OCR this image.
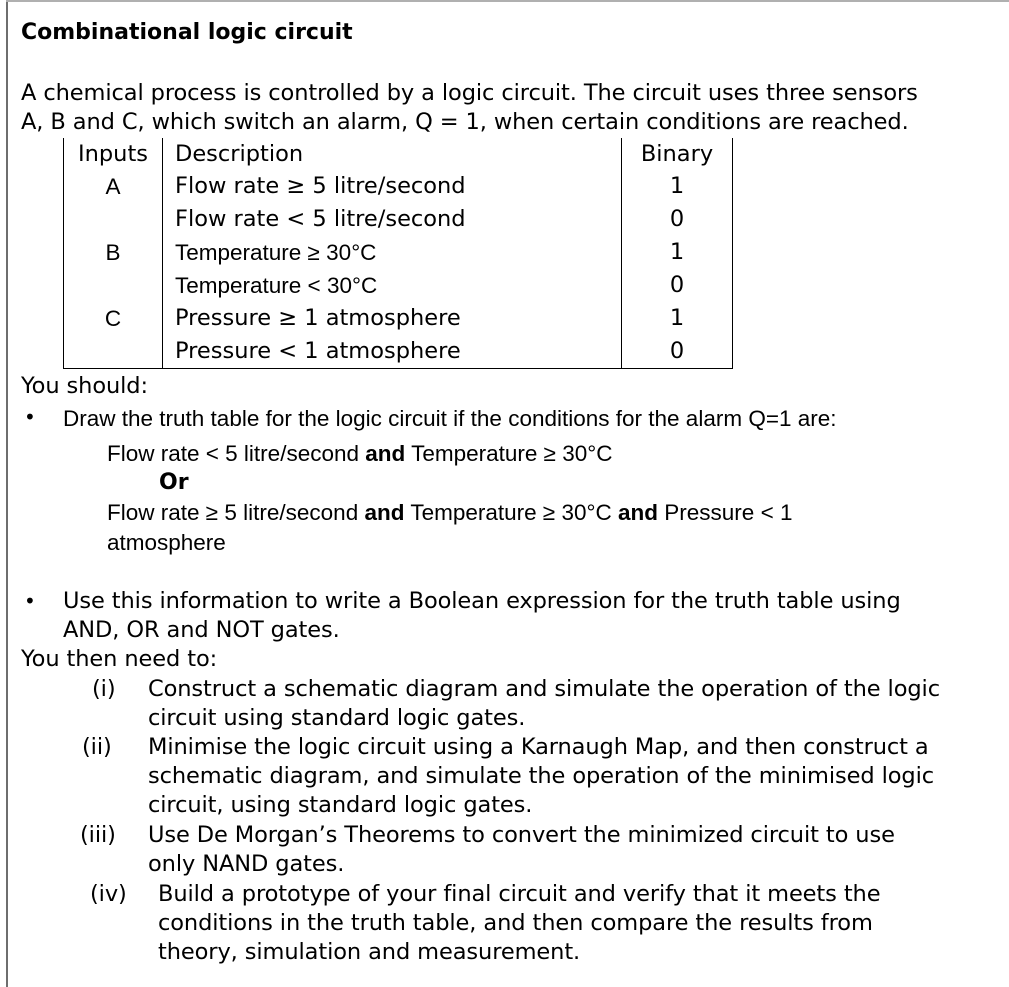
Combinational logic circuit
A chemical process is controlled by a logic circuit. The circuit uses three sensors
A, B and C, which switch an alarm, Q = 1, when certain conditions are reached.
Inputs	Description	Binary
A	Flow rate ≥ 5 litre/second	1
	Flow rate < 5 litre/second	0
B	Temperature ≥ 30°C	1
	Temperature < 30°C	0
C	Pressure ≥ 1 atmosphere	1
	Pressure < 1 atmosphere	0
You should:
• Draw the truth table for the logic circuit if the conditions for the alarm Q=1 are:
Flow rate < 5 litre/second and Temperature ≥ 30°C
Or
Flow rate ≥ 5 litre/second and Temperature ≥ 30°C and Pressure < 1
atmosphere
• Use this information to write a Boolean expression for the truth table using
AND, OR and NOT gates.
You then need to:
(i) Construct a schematic diagram and simulate the operation of the logic
circuit using standard logic gates.
(ii) Minimise the logic circuit using a Karnaugh Map, and then construct a
schematic diagram, and simulate the operation of the minimised logic
circuit, using standard logic gates.
(iii) Use De Morgan’s Theorems to convert the minimized circuit to use
only NAND gates.
(iv) Build a prototype of your final circuit and verify that it meets the
conditions in the truth table, and then compare the results from
theory, simulation and measurement.
